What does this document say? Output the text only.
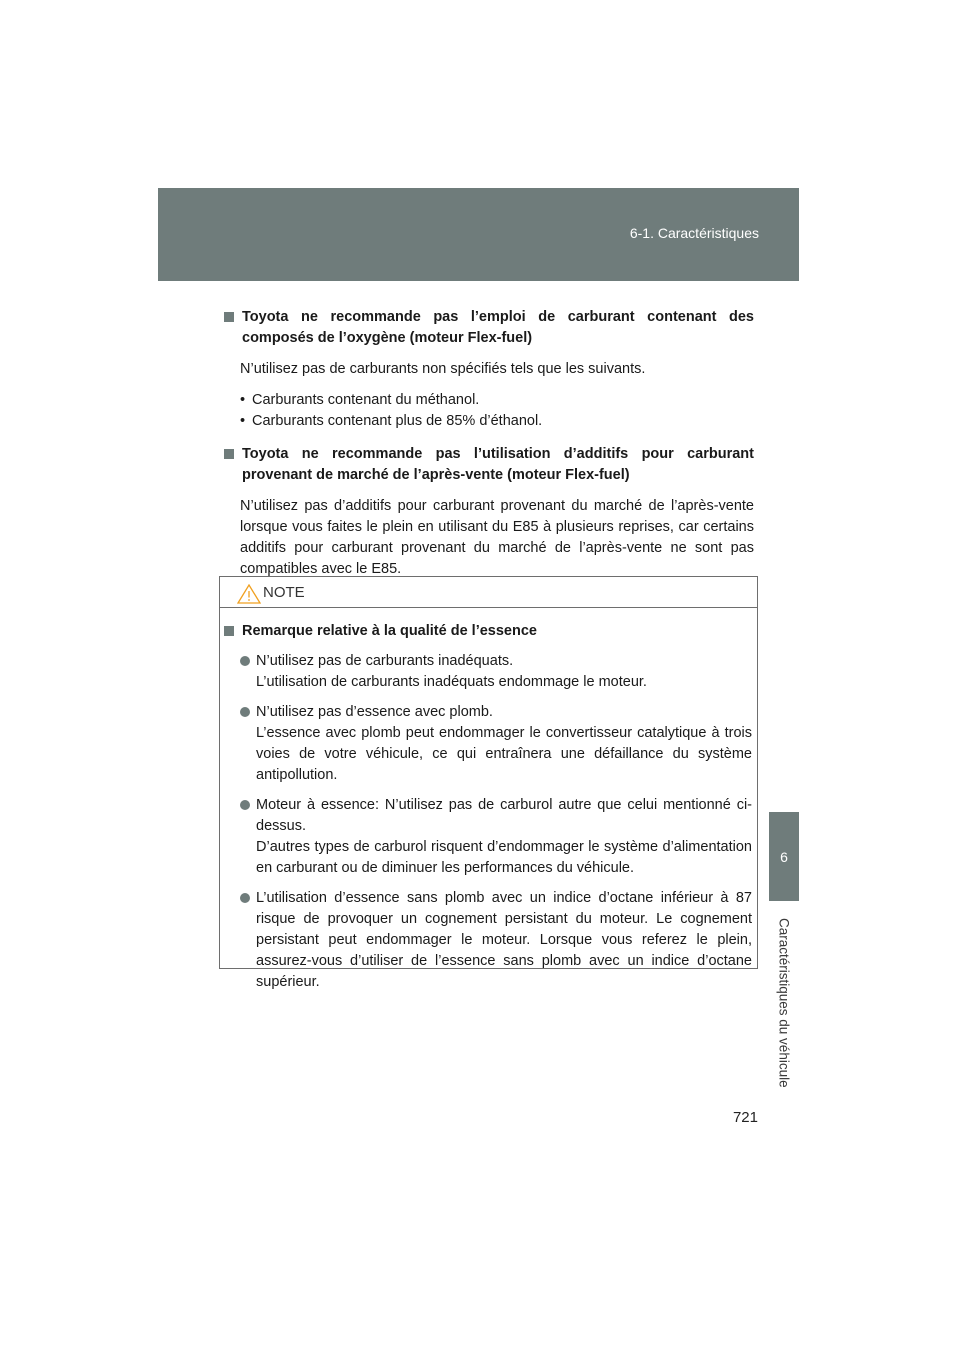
6-1. Caractéristiques
6
Caractéristiques du véhicule
Toyota ne recommande pas l’emploi de carburant contenant des composés de l’oxygène (moteur Flex-fuel)

N’utilisez pas de carburants non spécifiés tels que les suivants.

• Carburants contenant du méthanol.
• Carburants contenant plus de 85% d’éthanol.
Toyota ne recommande pas l’utilisation d’additifs pour carburant provenant de marché de l’après-vente (moteur Flex-fuel)

N’utilisez pas d’additifs pour carburant provenant du marché de l’après-vente lorsque vous faites le plein en utilisant du E85 à plusieurs reprises, car certains additifs pour carburant provenant du marché de l’après-vente ne sont pas compatibles avec le E85.

NOTE
Remarque relative à la qualité de l’essence
N’utilisez pas de carburants inadéquats.
L’utilisation de carburants inadéquats endommage le moteur.
N’utilisez pas d’essence avec plomb.
L’essence avec plomb peut endommager le convertisseur catalytique à trois voies de votre véhicule, ce qui entraînera une défaillance du système antipollution.
Moteur à essence: N’utilisez pas de carburol autre que celui mentionné ci-dessus.
D’autres types de carburol risquent d’endommager le système d’alimentation en carburant ou de diminuer les performances du véhicule.
L’utilisation d’essence sans plomb avec un indice d’octane inférieur à 87 risque de provoquer un cognement persistant du moteur. Le cognement persistant peut endommager le moteur. Lorsque vous referez le plein, assurez-vous d’utiliser de l’essence sans plomb avec un indice d’octane supérieur.
721
